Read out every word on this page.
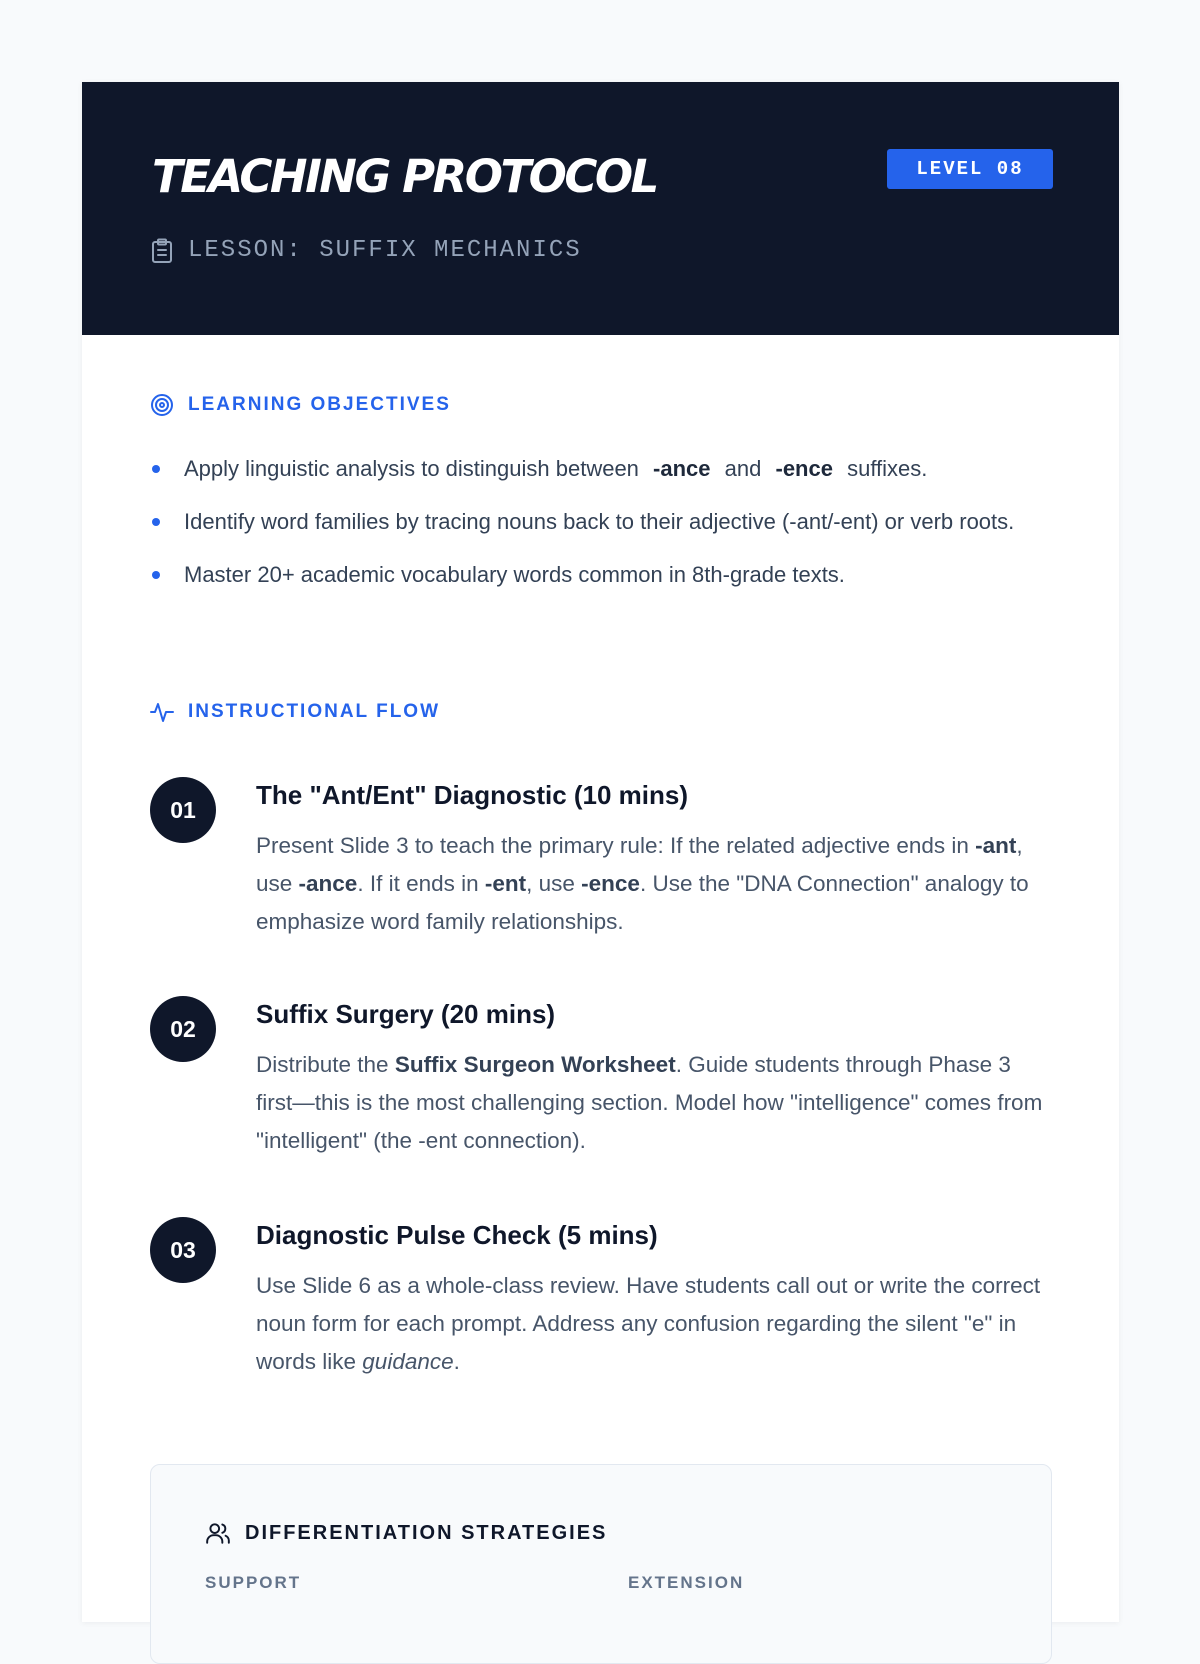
TEACHING PROTOCOL	LEVEL 08
LESSON: SUFFIX MECHANICS
LEARNING OBJECTIVES
Apply linguistic analysis to distinguish between -ance and -ence suffixes.
Identify word families by tracing nouns back to their adjective (-ant/-ent) or verb roots.
Master 20+ academic vocabulary words common in 8th-grade texts.
INSTRUCTIONAL FLOW
01	The "Ant/Ent" Diagnostic (10 mins)
Present Slide 3 to teach the primary rule: If the related adjective ends in -ant, use -ance. If it ends in -ent, use -ence. Use the "DNA Connection" analogy to emphasize word family relationships.
02	Suffix Surgery (20 mins)
Distribute the Suffix Surgeon Worksheet. Guide students through Phase 3 first—this is the most challenging section. Model how "intelligence" comes from "intelligent" (the -ent connection).
03	Diagnostic Pulse Check (5 mins)
Use Slide 6 as a whole-class review. Have students call out or write the correct noun form for each prompt. Address any confusion regarding the silent "e" in words like guidance.
DIFFERENTIATION STRATEGIES
SUPPORT	EXTENSION
